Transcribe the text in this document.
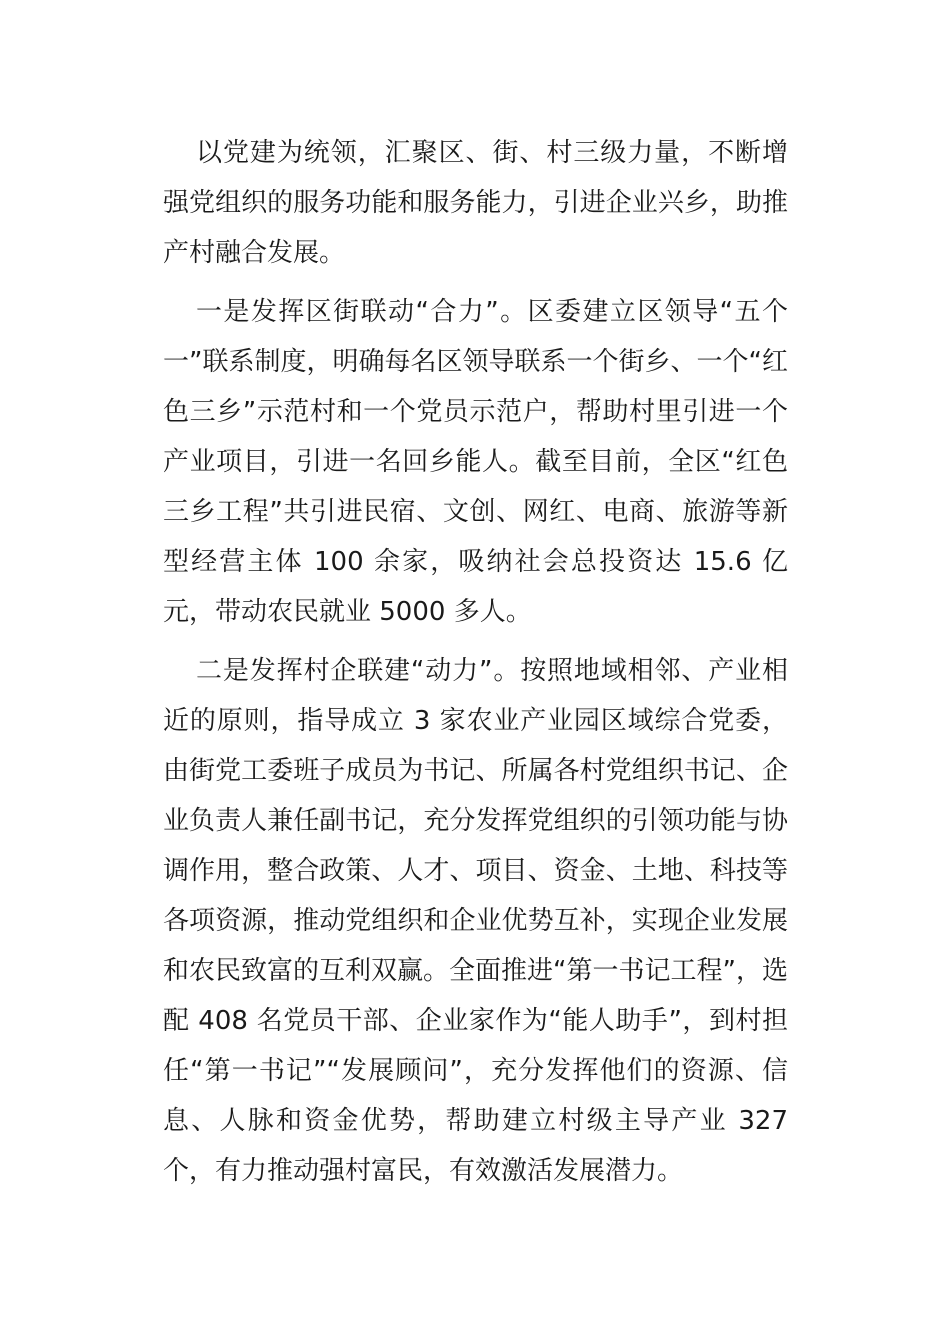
以党建为统领，汇聚区、街、村三级力量，不断增强党组织的服务功能和服务能力，引进企业兴乡，助推产村融合发展。

一是发挥区街联动“合力”。区委建立区领导“五个一”联系制度，明确每名区领导联系一个街乡、一个“红色三乡”示范村和一个党员示范户，帮助村里引进一个产业项目，引进一名回乡能人。截至目前，全区“红色三乡工程”共引进民宿、文创、网红、电商、旅游等新型经营主体 100 余家，吸纳社会总投资达 15.6 亿元，带动农民就业 5000 多人。

二是发挥村企联建“动力”。按照地域相邻、产业相近的原则，指导成立 3 家农业产业园区域综合党委，由街党工委班子成员为书记、所属各村党组织书记、企业负责人兼任副书记，充分发挥党组织的引领功能与协调作用，整合政策、人才、项目、资金、土地、科技等各项资源，推动党组织和企业优势互补，实现企业发展和农民致富的互利双赢。全面推进“第一书记工程”，选配 408 名党员干部、企业家作为“能人助手”，到村担任“第一书记”“发展顾问”，充分发挥他们的资源、信息、人脉和资金优势，帮助建立村级主导产业 327 个，有力推动强村富民，有效激活发展潜力。
